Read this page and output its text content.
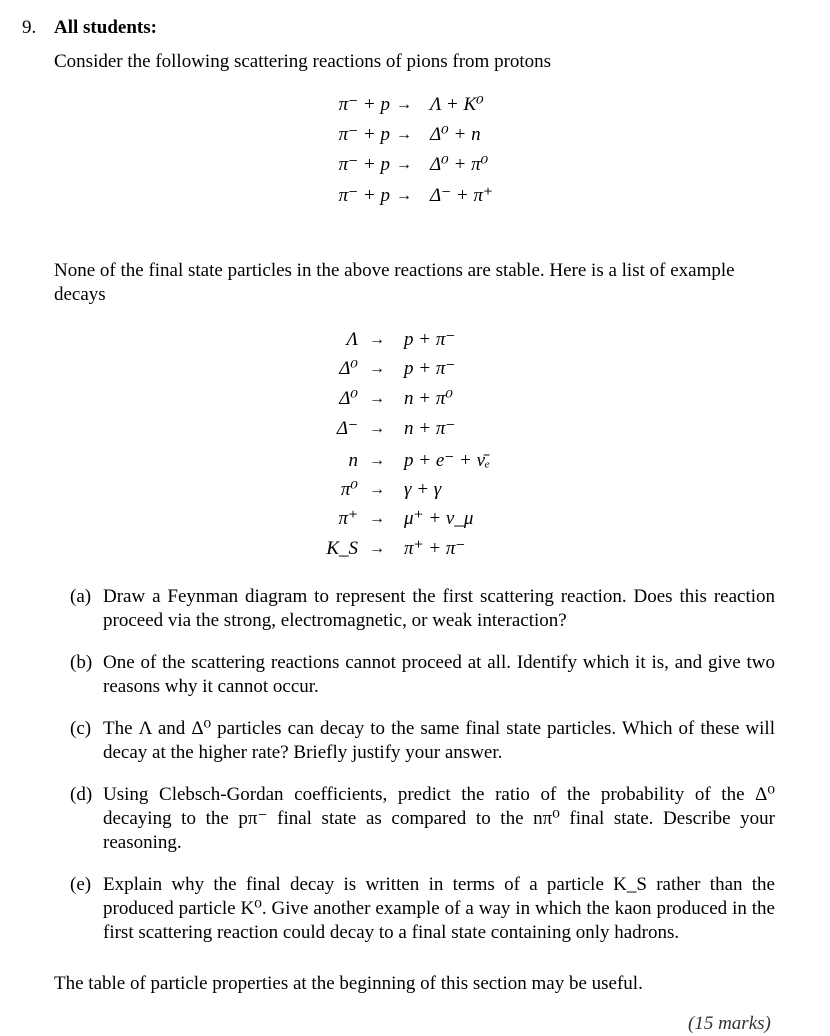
9. All students:
Consider the following scattering reactions of pions from protons
π⁻ + p → Λ + K⁰
π⁻ + p → Δ⁰ + n
π⁻ + p → Δ⁰ + π⁰
π⁻ + p → Δ⁻ + π⁺
None of the final state particles in the above reactions are stable. Here is a list of example decays
Λ → p + π⁻
Δ⁰ → p + π⁻
Δ⁰ → n + π⁰
Δ⁻ → n + π⁻
n → p + e⁻ + ν̄ₑ
π⁰ → γ + γ
π⁺ → μ⁺ + ν_μ
K_S → π⁺ + π⁻
(a) Draw a Feynman diagram to represent the first scattering reaction. Does this reaction proceed via the strong, electromagnetic, or weak interaction?
(b) One of the scattering reactions cannot proceed at all. Identify which it is, and give two reasons why it cannot occur.
(c) The Λ and Δ⁰ particles can decay to the same final state particles. Which of these will decay at the higher rate? Briefly justify your answer.
(d) Using Clebsch-Gordan coefficients, predict the ratio of the probability of the Δ⁰ decaying to the pπ⁻ final state as compared to the nπ⁰ final state. Describe your reasoning.
(e) Explain why the final decay is written in terms of a particle K_S rather than the produced particle K⁰. Give another example of a way in which the kaon produced in the first scattering reaction could decay to a final state containing only hadrons.
The table of particle properties at the beginning of this section may be useful.
(15 marks)
